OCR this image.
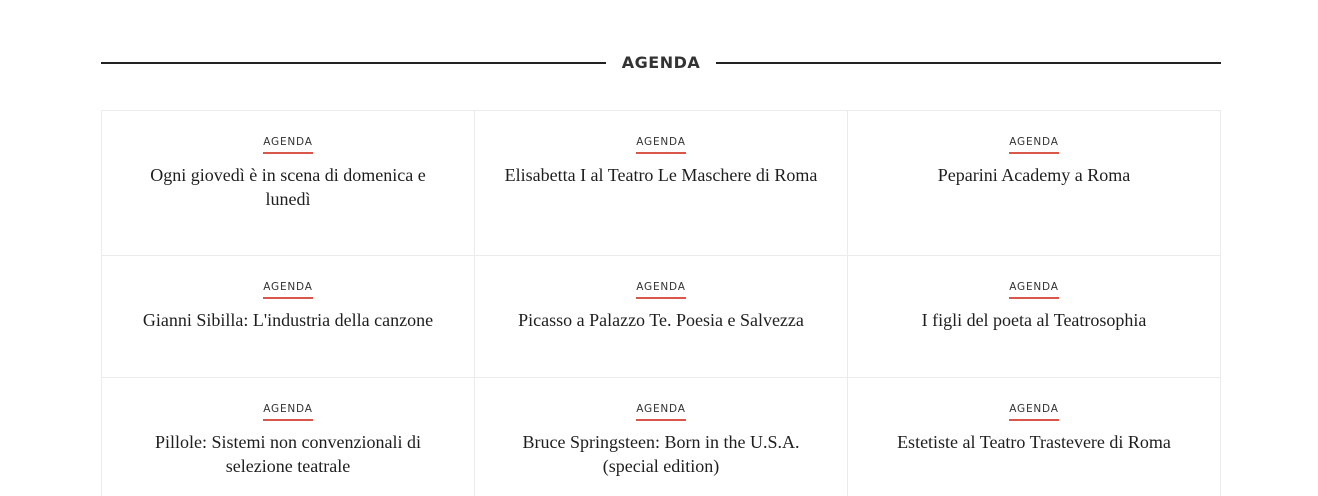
AGENDA
AGENDA
Ogni giovedì è in scena di domenica e lunedì
AGENDA
Elisabetta I al Teatro Le Maschere di Roma
AGENDA
Peparini Academy a Roma
AGENDA
Gianni Sibilla: L'industria della canzone
AGENDA
Picasso a Palazzo Te. Poesia e Salvezza
AGENDA
I figli del poeta al Teatrosophia
AGENDA
Pillole: Sistemi non convenzionali di selezione teatrale
AGENDA
Bruce Springsteen: Born in the U.S.A. (special edition)
AGENDA
Estetiste al Teatro Trastevere di Roma
